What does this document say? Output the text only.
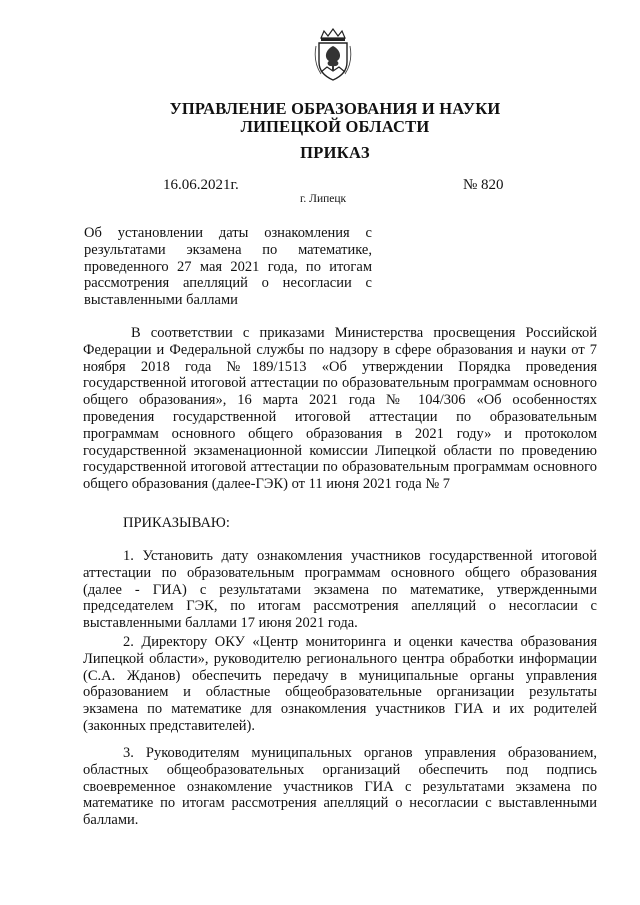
УПРАВЛЕНИЕ ОБРАЗОВАНИЯ И НАУКИ
ЛИПЕЦКОЙ ОБЛАСТИ
ПРИКАЗ
16.06.2021г.
г. Липецк
№ 820
Об установлении даты ознакомления с результатами экзамена по математике, проведенного 27 мая 2021 года, по итогам рассмотрения апелляций о несогласии с выставленными баллами

В соответствии с приказами Министерства просвещения Российской Федерации и Федеральной службы по надзору в сфере образования и науки от 7 ноября 2018 года №189/1513 «Об утверждении Порядка проведения государственной итоговой аттестации по образовательным программам основного общего образования», 16 марта 2021 года № 104/306 «Об особенностях проведения государственной итоговой аттестации по образовательным программам основного общего образования в 2021 году» и протоколом государственной экзаменационной комиссии Липецкой области по проведению государственной итоговой аттестации по образовательным программам основного общего образования (далее-ГЭК) от 11 июня 2021 года № 7

ПРИКАЗЫВАЮ:

1. Установить дату ознакомления участников государственной итоговой аттестации по образовательным программам основного общего образования (далее - ГИА) с результатами экзамена по математике, утвержденными председателем ГЭК, по итогам рассмотрения апелляций о несогласии с выставленными баллами 17 июня 2021 года.

2. Директору ОКУ «Центр мониторинга и оценки качества образования Липецкой области», руководителю регионального центра обработки информации (С.А. Жданов) обеспечить передачу в муниципальные органы управления образованием и областные общеобразовательные организации результаты экзамена по математике для ознакомления участников ГИА и их родителей (законных представителей).

3. Руководителям муниципальных органов управления образованием, областных общеобразовательных организаций обеспечить под подпись своевременное ознакомление участников ГИА с результатами экзамена по математике по итогам рассмотрения апелляций о несогласии с выставленными баллами.
